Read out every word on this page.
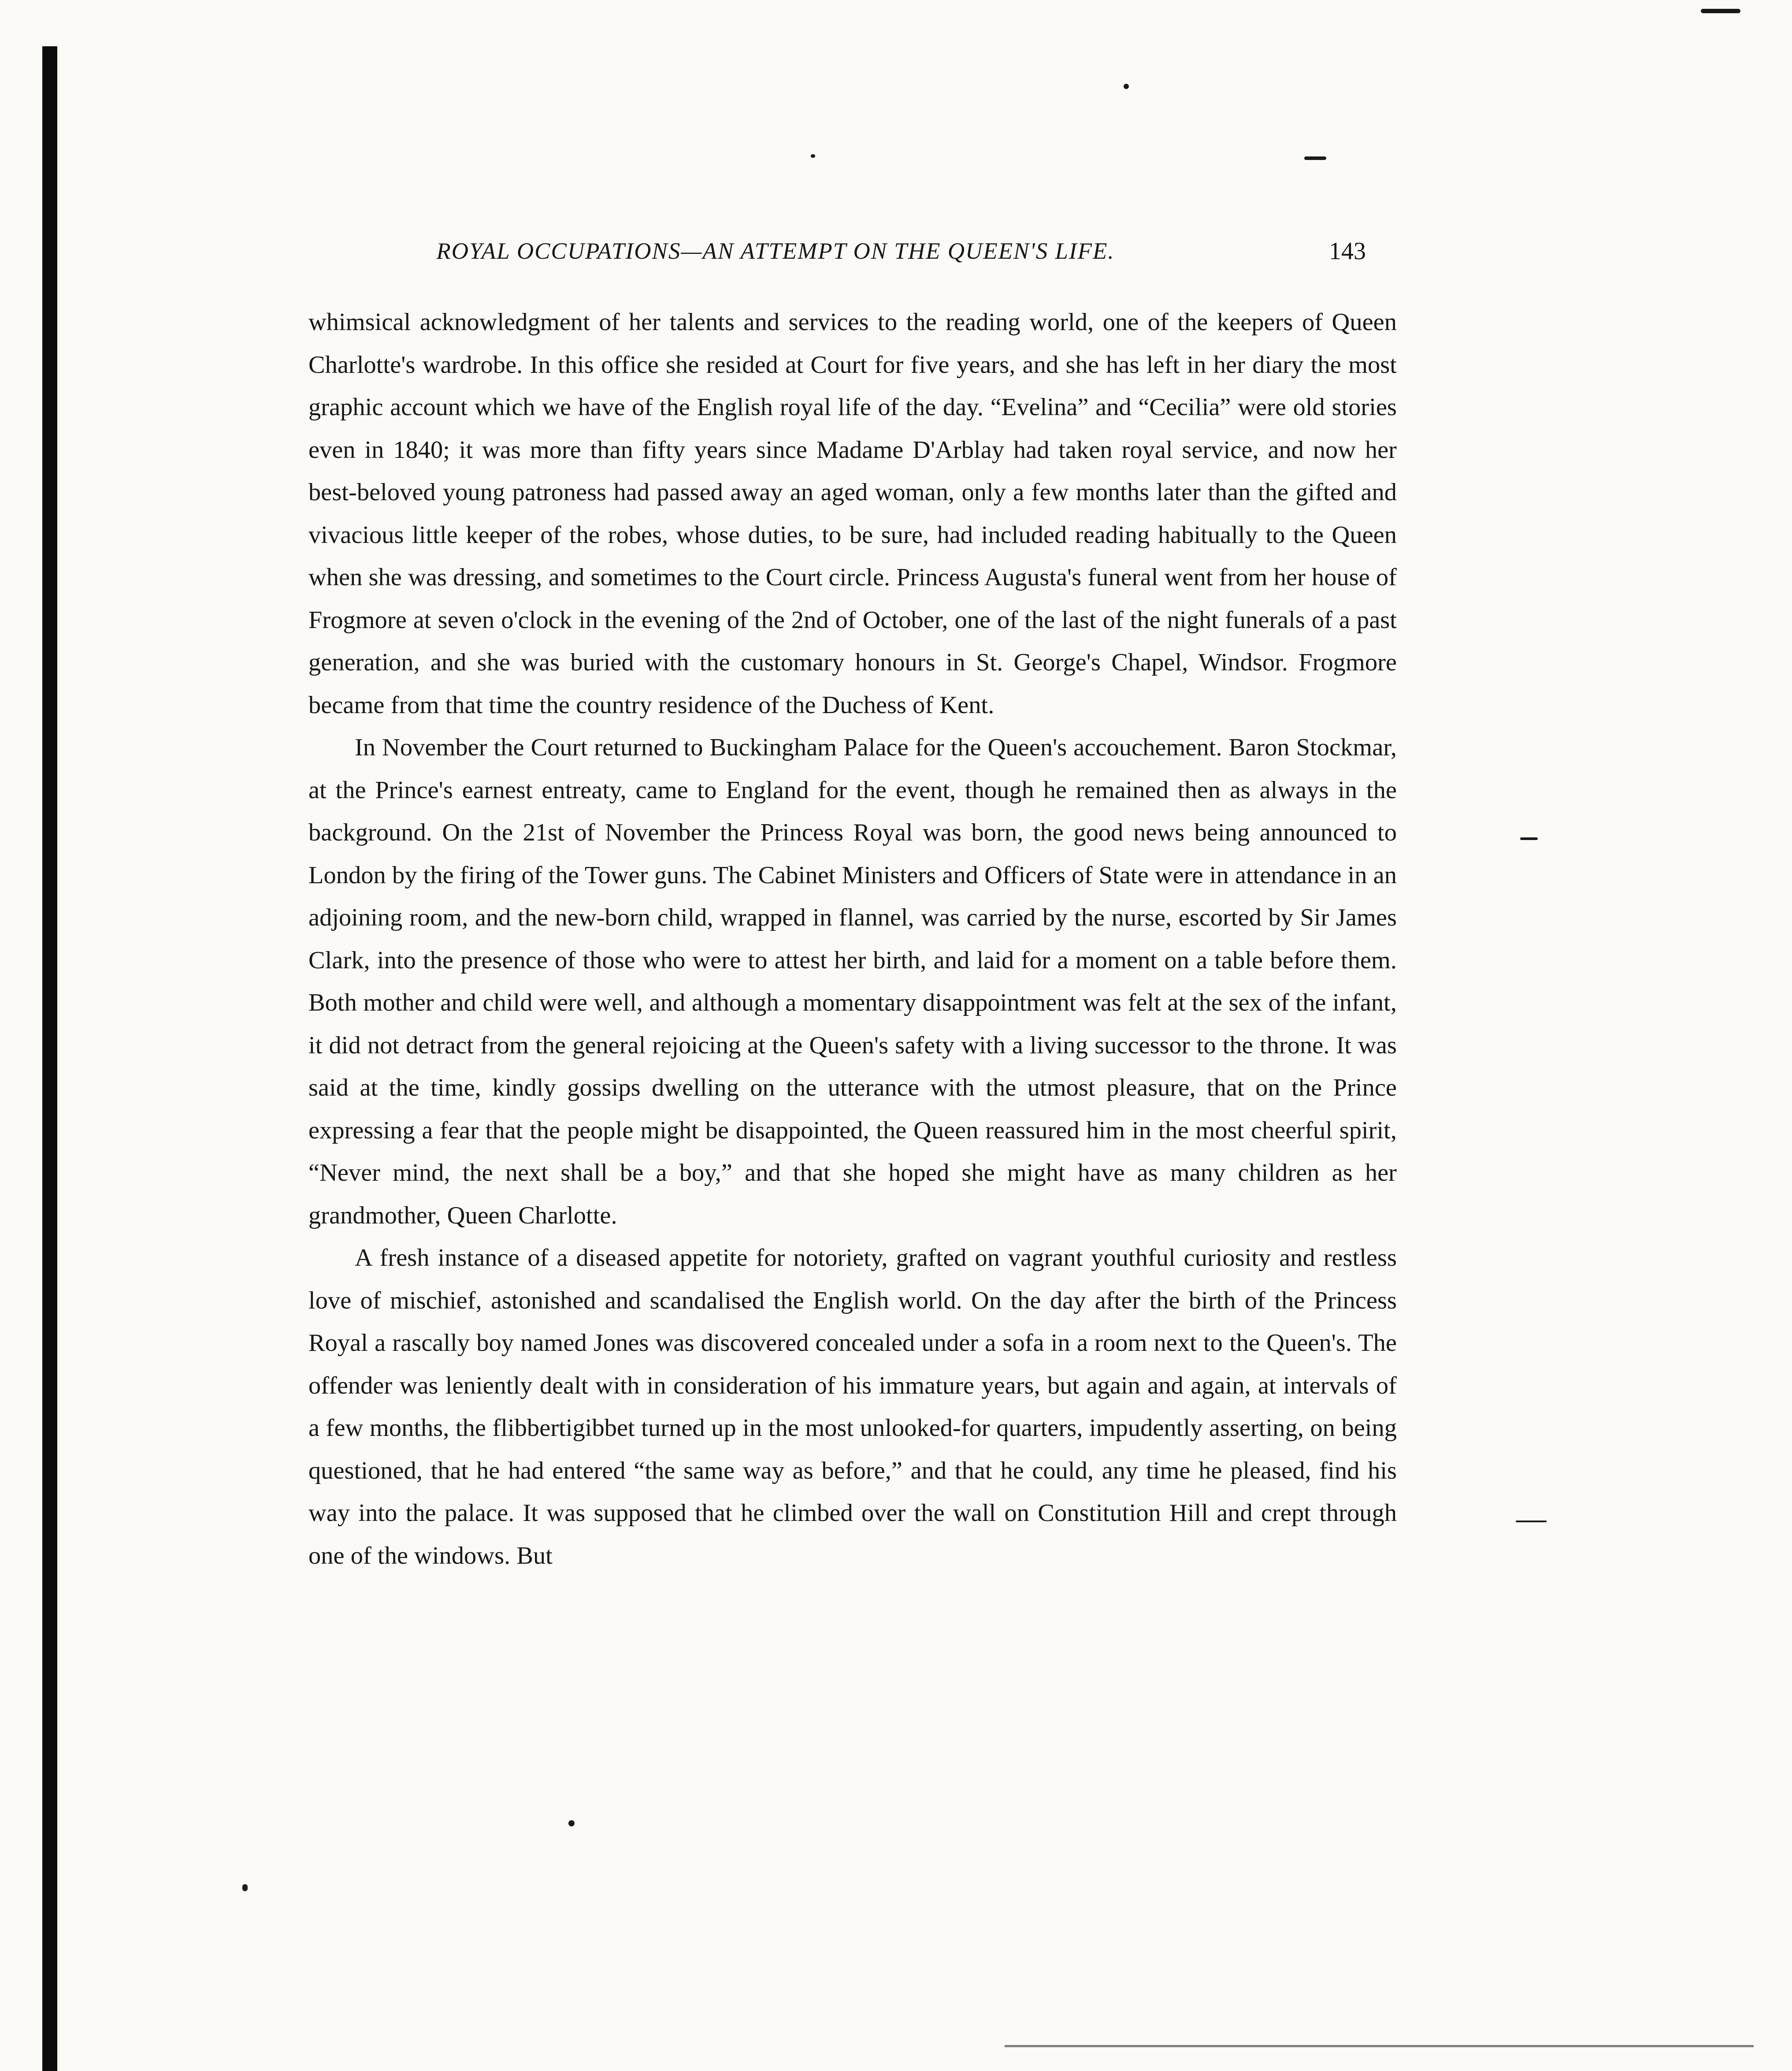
ROYAL OCCUPATIONS—AN ATTEMPT ON THE QUEEN'S LIFE.	143

whimsical acknowledgment of her talents and services to the reading world, one of the keepers of Queen Charlotte's wardrobe. In this office she resided at Court for five years, and she has left in her diary the most graphic account which we have of the English royal life of the day. “Evelina” and “Cecilia” were old stories even in 1840; it was more than fifty years since Madame D'Arblay had taken royal service, and now her best-beloved young patroness had passed away an aged woman, only a few months later than the gifted and vivacious little keeper of the robes, whose duties, to be sure, had included reading habitually to the Queen when she was dressing, and sometimes to the Court circle. Princess Augusta's funeral went from her house of Frogmore at seven o'clock in the evening of the 2nd of October, one of the last of the night funerals of a past generation, and she was buried with the customary honours in St. George's Chapel, Windsor. Frogmore became from that time the country residence of the Duchess of Kent.

In November the Court returned to Buckingham Palace for the Queen's accouchement. Baron Stockmar, at the Prince's earnest entreaty, came to England for the event, though he remained then as always in the background. On the 21st of November the Princess Royal was born, the good news being announced to London by the firing of the Tower guns. The Cabinet Ministers and Officers of State were in attendance in an adjoining room, and the new-born child, wrapped in flannel, was carried by the nurse, escorted by Sir James Clark, into the presence of those who were to attest her birth, and laid for a moment on a table before them. Both mother and child were well, and although a momentary disappointment was felt at the sex of the infant, it did not detract from the general rejoicing at the Queen's safety with a living successor to the throne. It was said at the time, kindly gossips dwelling on the utterance with the utmost pleasure, that on the Prince expressing a fear that the people might be disappointed, the Queen reassured him in the most cheerful spirit, “Never mind, the next shall be a boy,” and that she hoped she might have as many children as her grandmother, Queen Charlotte.

A fresh instance of a diseased appetite for notoriety, grafted on vagrant youthful curiosity and restless love of mischief, astonished and scandalised the English world. On the day after the birth of the Princess Royal a rascally boy named Jones was discovered concealed under a sofa in a room next to the Queen's. The offender was leniently dealt with in consideration of his immature years, but again and again, at intervals of a few months, the flibbertigibbet turned up in the most unlooked-for quarters, impudently asserting, on being questioned, that he had entered “the same way as before,” and that he could, any time he pleased, find his way into the palace. It was supposed that he climbed over the wall on Constitution Hill and crept through one of the windows. But
